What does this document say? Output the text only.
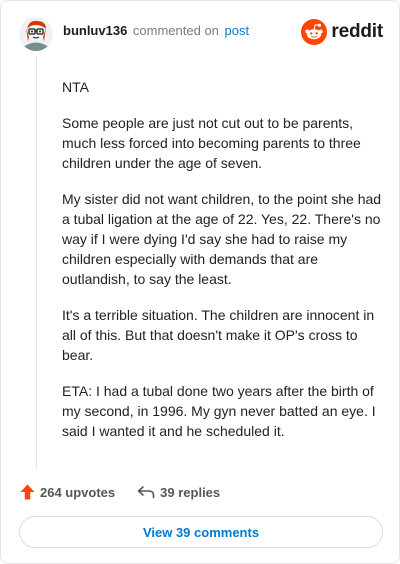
bunluv136 commented on post	reddit

NTA

Some people are just not cut out to be parents, much less forced into becoming parents to three children under the age of seven.

My sister did not want children, to the point she had a tubal ligation at the age of 22. Yes, 22. There's no way if I were dying I'd say she had to raise my children especially with demands that are outlandish, to say the least.

It's a terrible situation. The children are innocent in all of this. But that doesn't make it OP's cross to bear.

ETA: I had a tubal done two years after the birth of my second, in 1996. My gyn never batted an eye. I said I wanted it and he scheduled it.

264 upvotes	39 replies
View 39 comments
